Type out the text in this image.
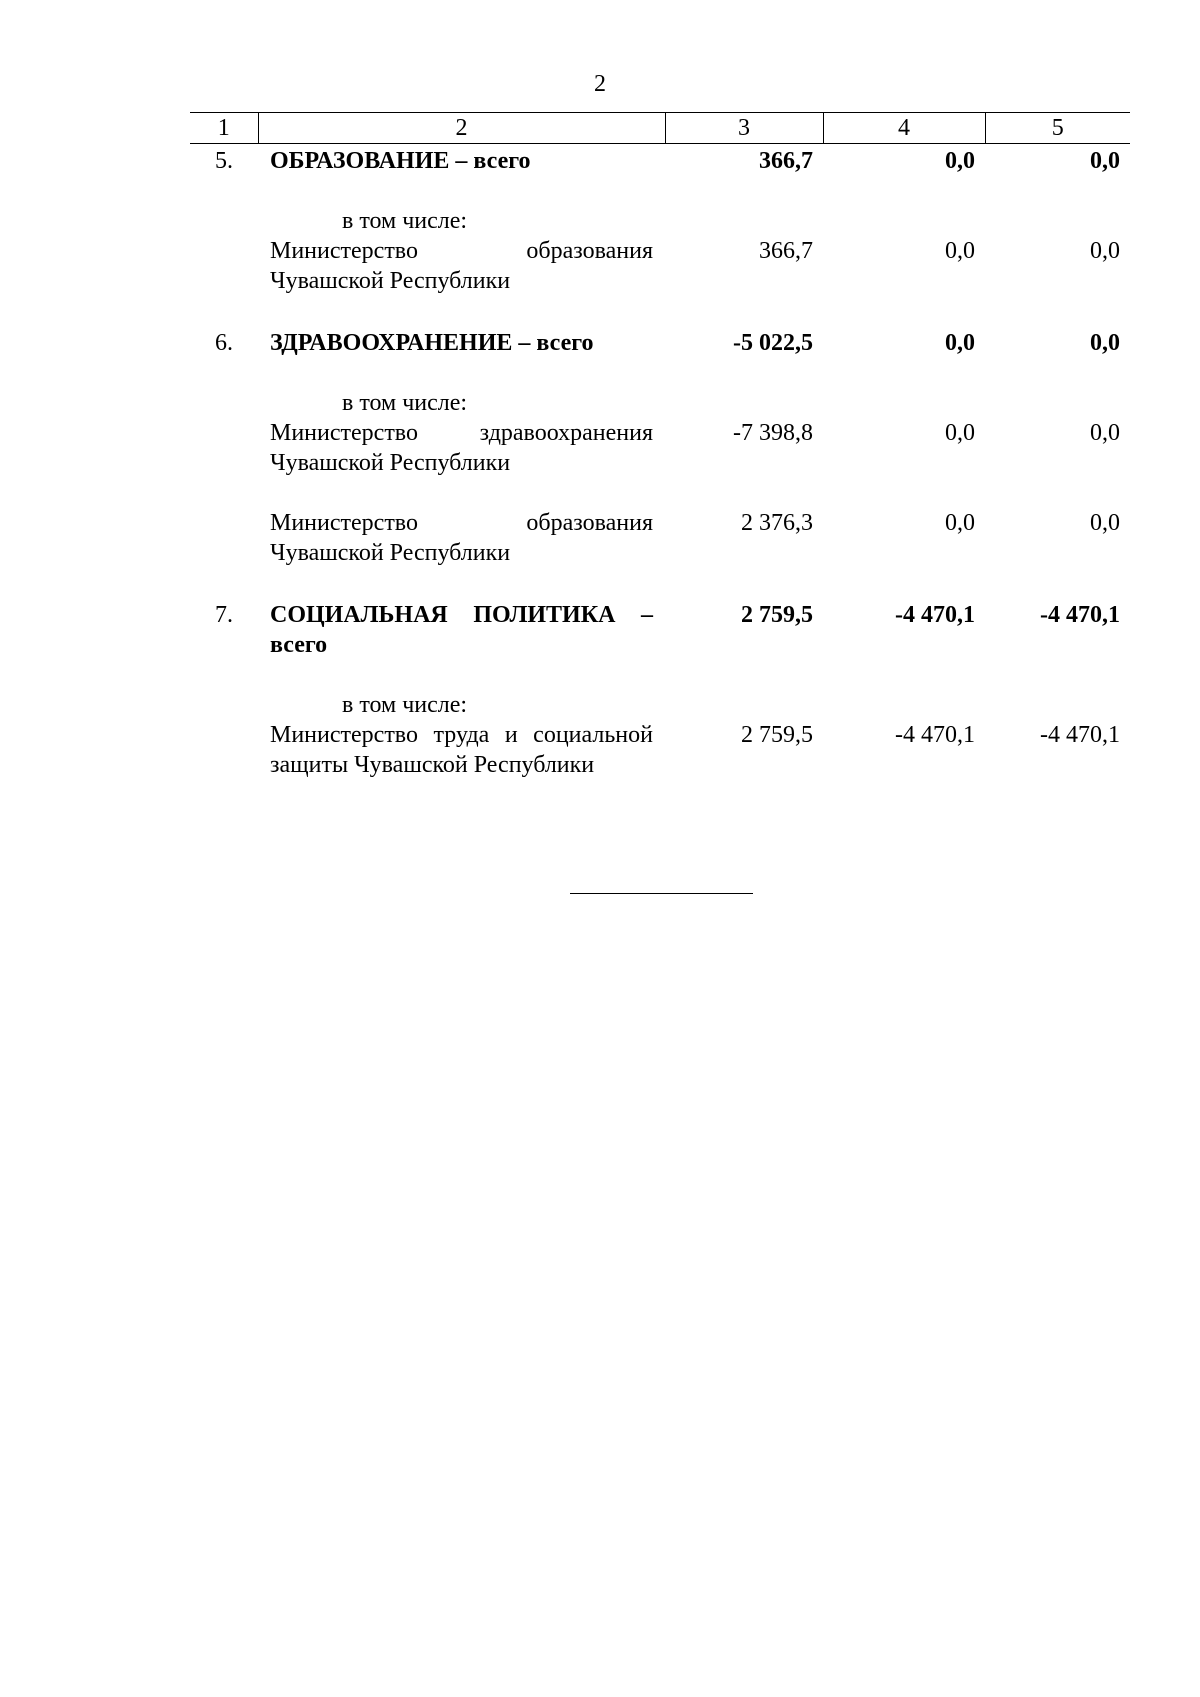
2
1	2	3	4	5
5.	ОБРАЗОВАНИЕ – всего	366,7	0,0	0,0

	в том числе:			
	Министерство образования Чувашской Республики	366,7	0,0	0,0

6.	ЗДРАВООХРАНЕНИЕ – всего	-5 022,5	0,0	0,0

	в том числе:			
	Министерство здравоохранения Чувашской Республики	-7 398,8	0,0	0,0

	Министерство образования Чувашской Республики	2 376,3	0,0	0,0

7.	СОЦИАЛЬНАЯ ПОЛИТИКА – всего	2 759,5	-4 470,1	-4 470,1

	в том числе:			
	Министерство труда и социальной защиты Чувашской Республики	2 759,5	-4 470,1	-4 470,1
